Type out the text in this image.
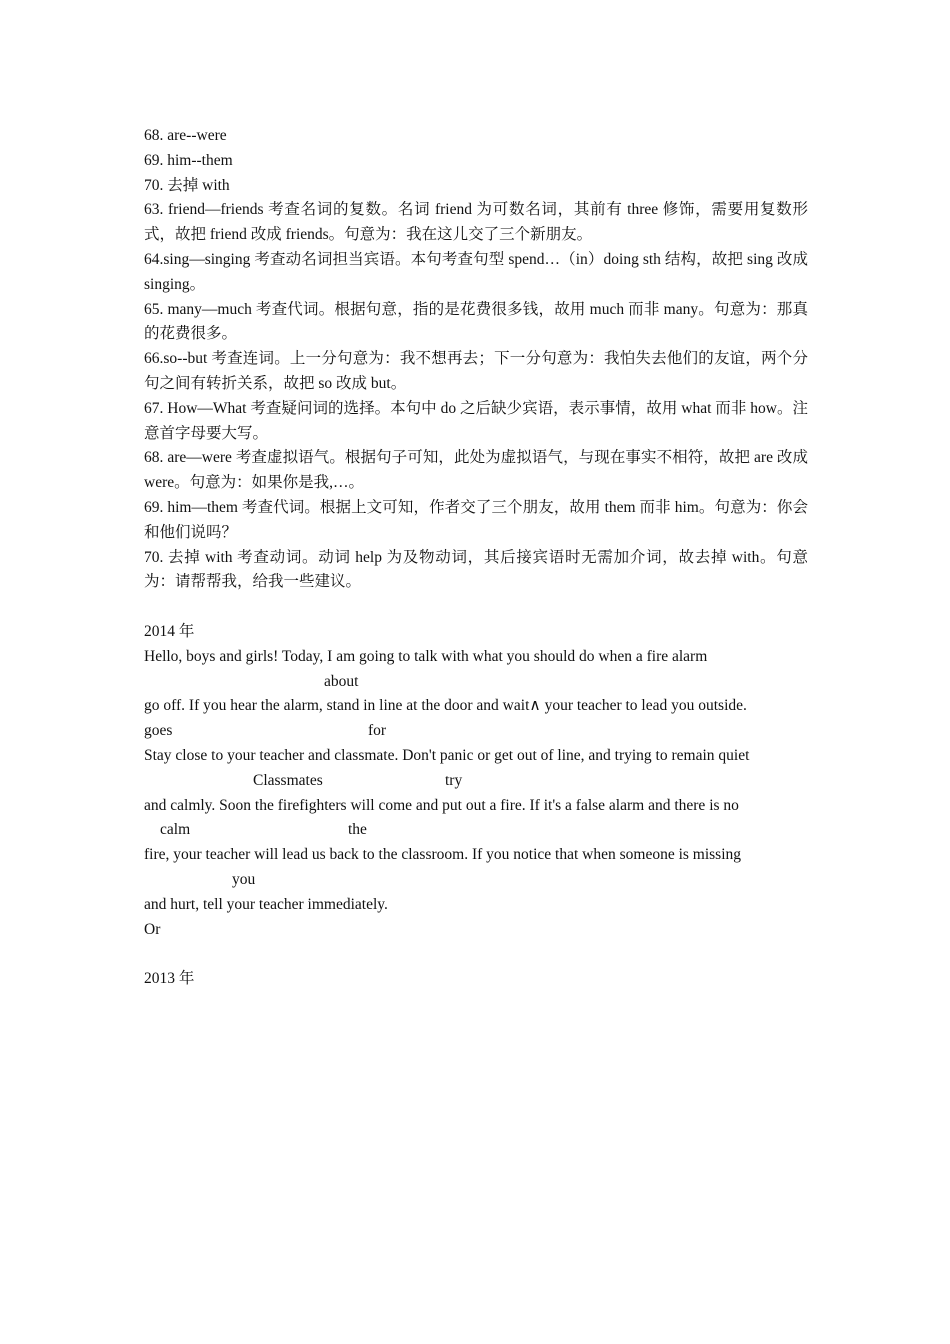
68. are--were
69. him--them
70. 去掉 with
63. friend—friends 考查名词的复数。名词 friend 为可数名词，其前有 three 修饰，需要用复数形式，故把 friend 改成 friends。句意为：我在这儿交了三个新朋友。
64.sing—singing 考查动名词担当宾语。本句考查句型 spend…（in）doing sth 结构，故把 sing 改成 singing。
65. many—much 考查代词。根据句意，指的是花费很多钱，故用 much 而非 many。句意为：那真的花费很多。
66.so--but 考查连词。上一分句意为：我不想再去；下一分句意为：我怕失去他们的友谊，两个分句之间有转折关系，故把 so 改成 but。
67. How—What 考查疑问词的选择。本句中 do 之后缺少宾语，表示事情，故用 what 而非 how。注意首字母要大写。
68. are—were 考查虚拟语气。根据句子可知，此处为虚拟语气，与现在事实不相符，故把 are 改成 were。句意为：如果你是我,…。
69. him—them 考查代词。根据上文可知，作者交了三个朋友，故用 them 而非 him。句意为：你会和他们说吗？
70. 去掉 with 考查动词。动词 help 为及物动词，其后接宾语时无需加介词，故去掉 with。句意为：请帮帮我，给我一些建议。
2014 年
Hello, boys and girls! Today, I am going to talk with what you should do when a fire alarm
about
go off. If you hear the alarm, stand in line at the door and wait∧ your teacher to lead you outside.
goes	for
Stay close to your teacher and classmate. Don't panic or get out of line, and trying to remain quiet
Classmates	try
and calmly. Soon the firefighters will come and put out a fire. If it's a false alarm and there is no
calm	the
fire, your teacher will lead us back to the classroom. If you notice that when someone is missing
you
and hurt, tell your teacher immediately.
Or
2013 年
